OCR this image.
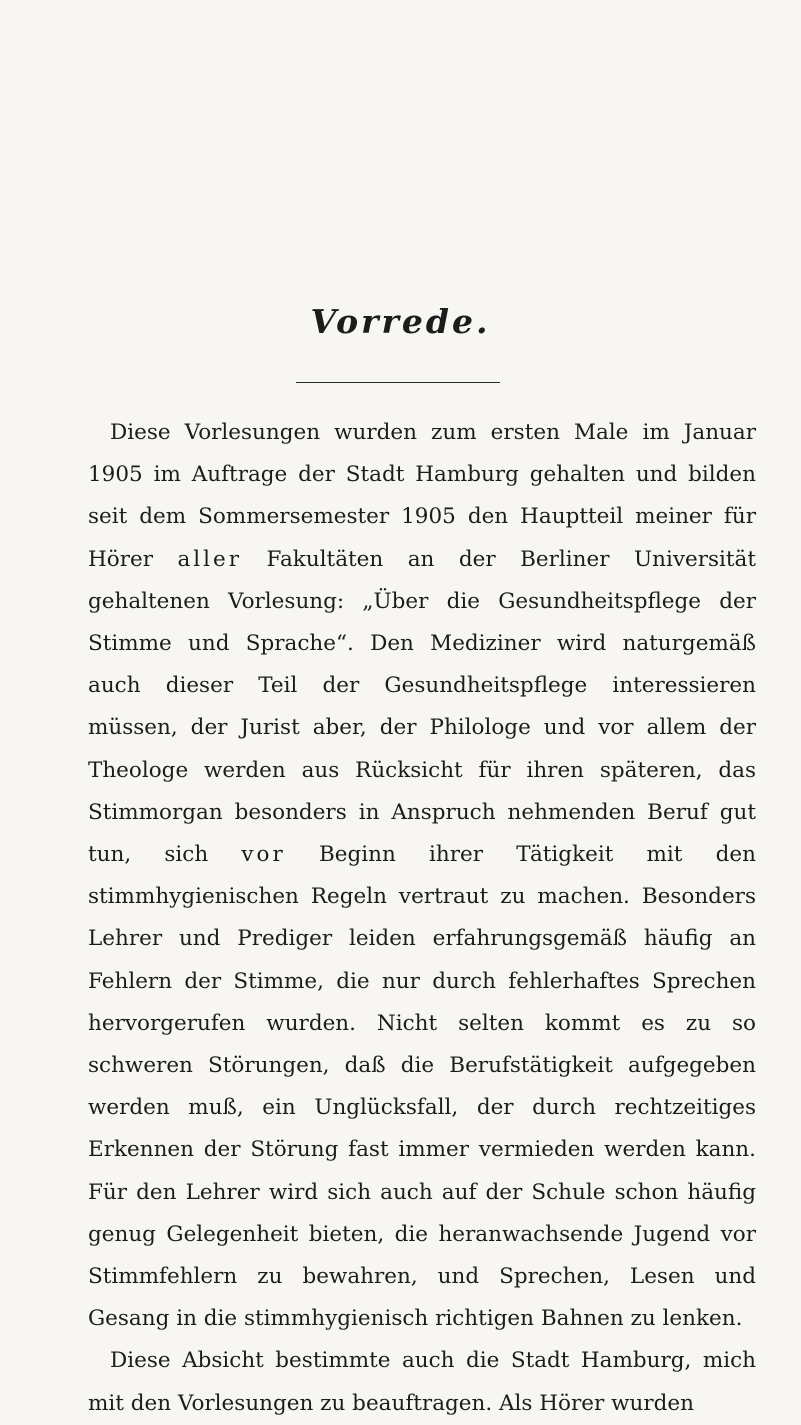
Vorrede.

Diese Vorlesungen wurden zum ersten Male im Januar 1905 im Auftrage der Stadt Hamburg gehalten und bilden seit dem Sommersemester 1905 den Hauptteil meiner für Hörer aller Fakultäten an der Berliner Universität gehaltenen Vorlesung: „Über die Gesundheitspflege der Stimme und Sprache“. Den Mediziner wird naturgemäß auch dieser Teil der Gesundheitspflege interessieren müssen, der Jurist aber, der Philologe und vor allem der Theologe werden aus Rücksicht für ihren späteren, das Stimmorgan besonders in Anspruch nehmenden Beruf gut tun, sich vor Beginn ihrer Tätigkeit mit den stimmhygienischen Regeln vertraut zu machen. Besonders Lehrer und Prediger leiden erfahrungsgemäß häufig an Fehlern der Stimme, die nur durch fehlerhaftes Sprechen hervorgerufen wurden. Nicht selten kommt es zu so schweren Störungen, daß die Berufstätigkeit aufgegeben werden muß, ein Unglücksfall, der durch rechtzeitiges Erkennen der Störung fast immer vermieden werden kann. Für den Lehrer wird sich auch auf der Schule schon häufig genug Gelegenheit bieten, die heranwachsende Jugend vor Stimmfehlern zu bewahren, und Sprechen, Lesen und Gesang in die stimmhygienisch richtigen Bahnen zu lenken.

Diese Absicht bestimmte auch die Stadt Hamburg, mich mit den Vorlesungen zu beauftragen. Als Hörer wurden
